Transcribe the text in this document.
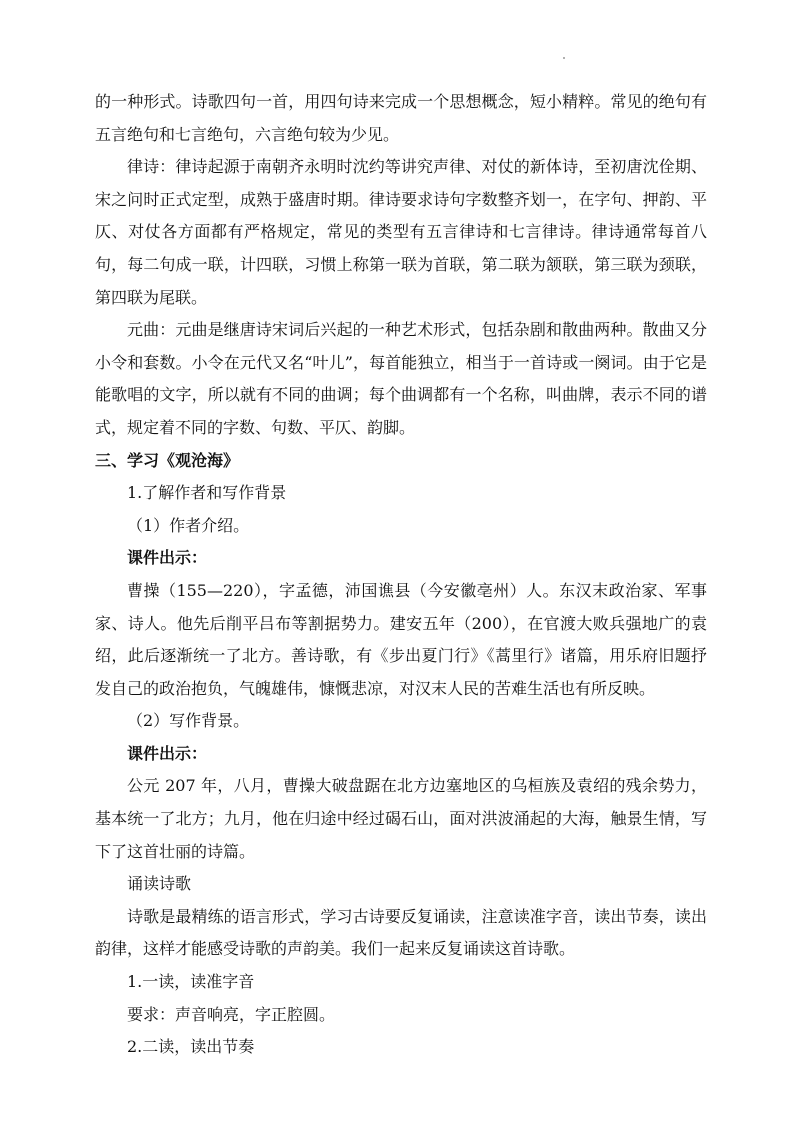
的一种形式。诗歌四句一首，用四句诗来完成一个思想概念，短小精粹。常见的绝句有五言绝句和七言绝句，六言绝句较为少见。

律诗：律诗起源于南朝齐永明时沈约等讲究声律、对仗的新体诗，至初唐沈佺期、宋之问时正式定型，成熟于盛唐时期。律诗要求诗句字数整齐划一，在字句、押韵、平仄、对仗各方面都有严格规定，常见的类型有五言律诗和七言律诗。律诗通常每首八句，每二句成一联，计四联，习惯上称第一联为首联，第二联为颔联，第三联为颈联，第四联为尾联。

元曲：元曲是继唐诗宋词后兴起的一种艺术形式，包括杂剧和散曲两种。散曲又分小令和套数。小令在元代又名“叶儿”，每首能独立，相当于一首诗或一阕词。由于它是能歌唱的文字，所以就有不同的曲调；每个曲调都有一个名称，叫曲牌，表示不同的谱式，规定着不同的字数、句数、平仄、韵脚。

三、学习《观沧海》

1.了解作者和写作背景

（1）作者介绍。

课件出示：

曹操（155—220），字孟德，沛国谯县（今安徽亳州）人。东汉末政治家、军事家、诗人。他先后削平吕布等割据势力。建安五年（200），在官渡大败兵强地广的袁绍，此后逐渐统一了北方。善诗歌，有《步出夏门行》《蒿里行》诸篇，用乐府旧题抒发自己的政治抱负，气魄雄伟，慷慨悲凉，对汉末人民的苦难生活也有所反映。

（2）写作背景。

课件出示：

公元 207 年，八月，曹操大破盘踞在北方边塞地区的乌桓族及袁绍的残余势力，基本统一了北方；九月，他在归途中经过碣石山，面对洪波涌起的大海，触景生情，写下了这首壮丽的诗篇。

诵读诗歌

诗歌是最精练的语言形式，学习古诗要反复诵读，注意读准字音，读出节奏，读出韵律，这样才能感受诗歌的声韵美。我们一起来反复诵读这首诗歌。

1.一读，读准字音

要求：声音响亮，字正腔圆。

2.二读，读出节奏
